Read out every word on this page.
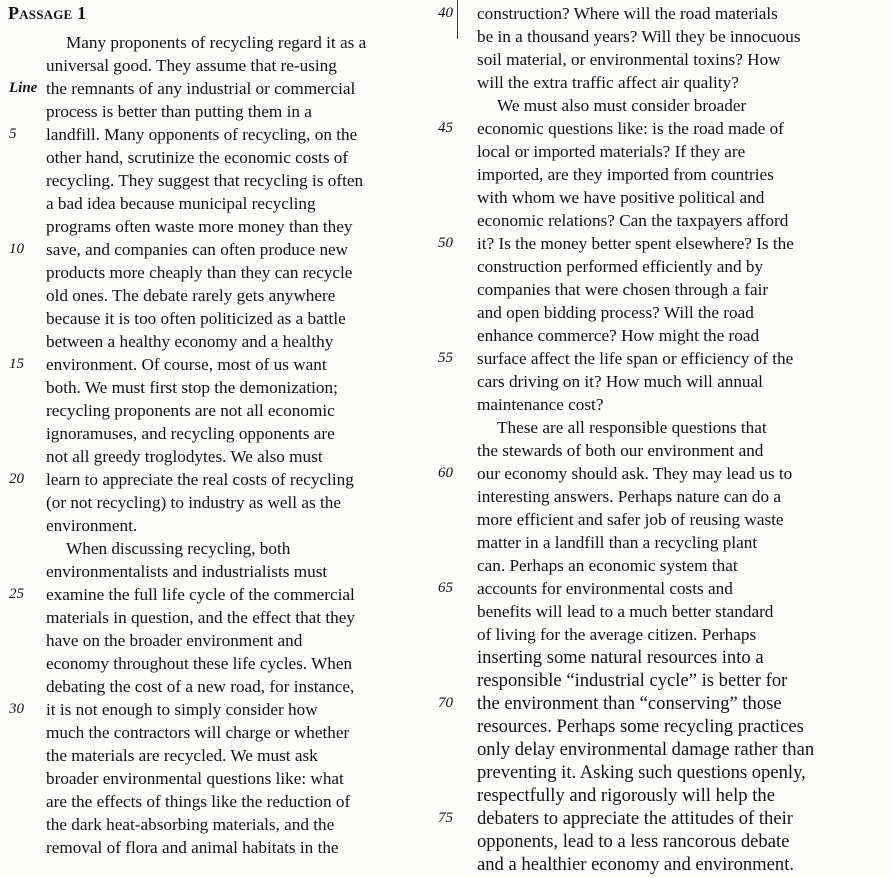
Passage 1
Many proponents of recycling regard it as a
universal good. They assume that re-using
Line the remnants of any industrial or commercial
process is better than putting them in a
5	landfill. Many opponents of recycling, on the
other hand, scrutinize the economic costs of
recycling. They suggest that recycling is often
a bad idea because municipal recycling
programs often waste more money than they
10	save, and companies can often produce new
products more cheaply than they can recycle
old ones. The debate rarely gets anywhere
because it is too often politicized as a battle
between a healthy economy and a healthy
15	environment. Of course, most of us want
both. We must first stop the demonization;
recycling proponents are not all economic
ignoramuses, and recycling opponents are
not all greedy troglodytes. We also must
20	learn to appreciate the real costs of recycling
(or not recycling) to industry as well as the
environment.
When discussing recycling, both
environmentalists and industrialists must
25	examine the full life cycle of the commercial
materials in question, and the effect that they
have on the broader environment and
economy throughout these life cycles. When
debating the cost of a new road, for instance,
30	it is not enough to simply consider how
much the contractors will charge or whether
the materials are recycled. We must ask
broader environmental questions like: what
are the effects of things like the reduction of
the dark heat-absorbing materials, and the
removal of flora and animal habitats in the
40	construction? Where will the road materials
be in a thousand years? Will they be innocuous
soil material, or environmental toxins? How
will the extra traffic affect air quality?
We must also must consider broader
45	economic questions like: is the road made of
local or imported materials? If they are
imported, are they imported from countries
with whom we have positive political and
economic relations? Can the taxpayers afford
50	it? Is the money better spent elsewhere? Is the
construction performed efficiently and by
companies that were chosen through a fair
and open bidding process? Will the road
enhance commerce? How might the road
55	surface affect the life span or efficiency of the
cars driving on it? How much will annual
maintenance cost?
These are all responsible questions that
the stewards of both our environment and
60	our economy should ask. They may lead us to
interesting answers. Perhaps nature can do a
more efficient and safer job of reusing waste
matter in a landfill than a recycling plant
can. Perhaps an economic system that
65	accounts for environmental costs and
benefits will lead to a much better standard
of living for the average citizen. Perhaps
inserting some natural resources into a
responsible “industrial cycle” is better for
70	the environment than “conserving” those
resources. Perhaps some recycling practices
only delay environmental damage rather than
preventing it. Asking such questions openly,
respectfully and rigorously will help the
75	debaters to appreciate the attitudes of their
opponents, lead to a less rancorous debate
and a healthier economy and environment.
